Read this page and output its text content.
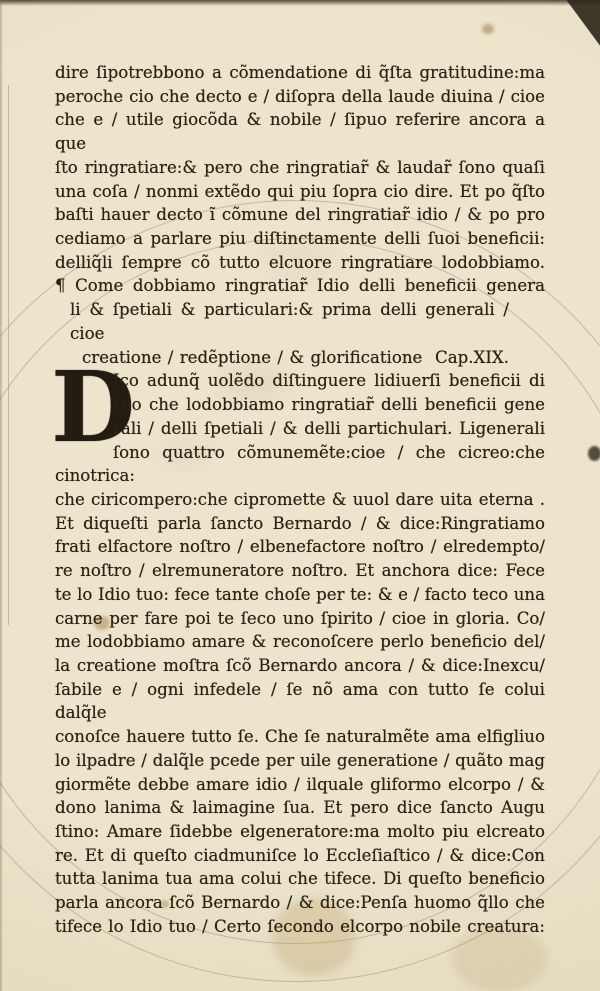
dire ſipotrebbono a cõmendatione di q̃ſta gratitudine:ma
peroche cio che decto e / diſopra della laude diuina / cioe
che e / utile giocõda & nobile / ſipuo referire ancora a que
ſto ringratiare:& pero che ringratiar̃ & laudar̃ ſono quaſi
una coſa / nonmi extẽdo qui piu ſopra cio dire. Et po q̃ſto
baſti hauer decto ĩ cõmune del ringratiar̃ idio / & po pro
cediamo a parlare piu diſtinctamente delli ſuoi beneficii:
delliq̃li ſempre cõ tutto elcuore ringratiare lodobbiamo.
¶ Come dobbiamo ringratiar̃ Idio delli beneficii genera
li & ſpetiali & particulari:& prima delli generali / cioe
creatione / redẽptione / & glorificatione  Cap.XIX.
D
Ico adunq̃ uolẽdo diſtinguere lidiuerſi beneficii di
Dio che lodobbiamo ringratiar̃ delli beneficii gene
rali / delli ſpetiali / & delli partichulari. Ligenerali
ſono quattro cõmunemẽte:cioe / che cicreo:che cinotrica:
che ciricompero:che cipromette & uuol dare uita eterna .
Et diqueſti parla ſancto Bernardo / & dice:Ringratiamo
frati elfactore noſtro / elbenefactore noſtro / elredempto/
re noſtro / elremuneratore noſtro. Et anchora dice: Fece
te lo Idio tuo: fece tante choſe per te: & e / facto teco una
carne per fare poi te ſeco uno ſpirito / cioe in gloria. Co/
me lodobbiamo amare & reconoſcere perlo beneficio del/
la creatione moſtra ſcõ Bernardo ancora / & dice:Inexcu/
ſabile e / ogni infedele / ſe nõ ama con tutto ſe colui dalq̃le
conoſce hauere tutto ſe. Che ſe naturalmẽte ama elfigliuo
lo ilpadre / dalq̃le pcede per uile generatione / quãto mag
giormẽte debbe amare idio / ilquale gliformo elcorpo / &
dono lanima & laimagine ſua. Et pero dice ſancto Augu
ſtino: Amare ſidebbe elgeneratore:ma molto piu elcreato
re. Et di queſto ciadmuniſce lo Eccleſiaſtico / & dice:Con
tutta lanima tua ama colui che tifece. Di queſto beneficio
parla ancora ſcõ Bernardo / & dice:Penſa huomo q̃llo che
tifece lo Idio tuo / Certo ſecondo elcorpo nobile creatura:
